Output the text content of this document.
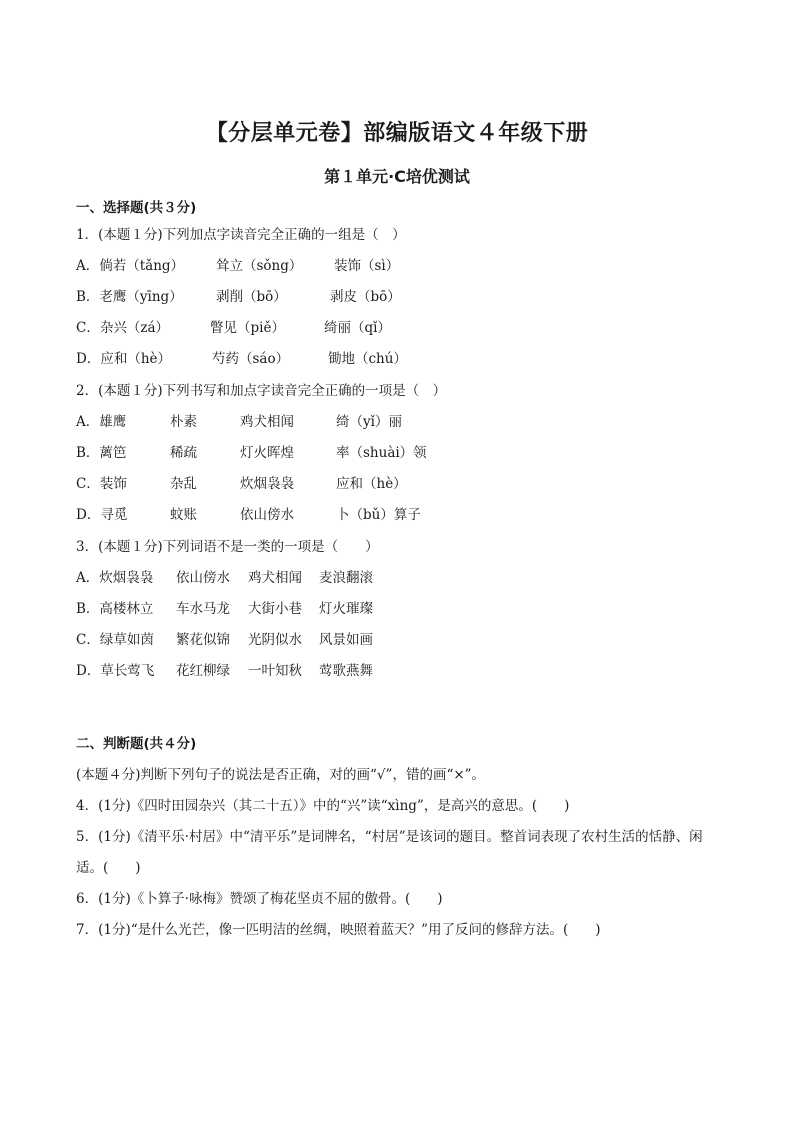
【分层单元卷】部编版语文４年级下册
第１单元·C培优测试
一、选择题(共３分)
1．(本题１分)下列加点字读音完全正确的一组是（　）
A．倘若（tǎng） 耸立（sǒng） 装饰（sì）
B．老鹰（yīng） 剥削（bō）	剥皮（bō）
C．杂兴（zá）	瞥见（piě）	绮丽（qǐ）
D．应和（hè）	芍药（sáo）	锄地（chú）
2．(本题１分)下列书写和加点字读音完全正确的一项是（　）
A．雄鹰	朴素	鸡犬相闻	绮（yǐ）丽
B．蓠笆	稀疏	灯火晖煌	率（shuài）领
C．装饰	杂乱	炊烟袅袅	应和（hè）
D．寻觅	蚊账	依山傍水	卜（bǔ）算子
3．(本题１分)下列词语不是一类的一项是（　　）
A．炊烟袅袅 依山傍水 鸡犬相闻 麦浪翻滚
B．高楼林立 车水马龙 大街小巷 灯火璀璨
C．绿草如茵 繁花似锦 光阴似水 风景如画
D．草长莺飞 花红柳绿 一叶知秋 莺歌燕舞
二、判断题(共４分)
(本题４分)判断下列句子的说法是否正确，对的画“√”，错的画“×”。
4．(1分)《四时田园杂兴（其二十五）》中的“兴”读“xìng”，是高兴的意思。(　　)
5．(1分)《清平乐·村居》中“清平乐”是词牌名，“村居”是该词的题目。整首词表现了农村生活的恬静、闲
适。(　　)
6．(1分)《卜算子·咏梅》赞颂了梅花坚贞不屈的傲骨。(　　)
7．(1分)“是什么光芒，像一匹明洁的丝绸，映照着蓝天？”用了反问的修辞方法。(　　)
